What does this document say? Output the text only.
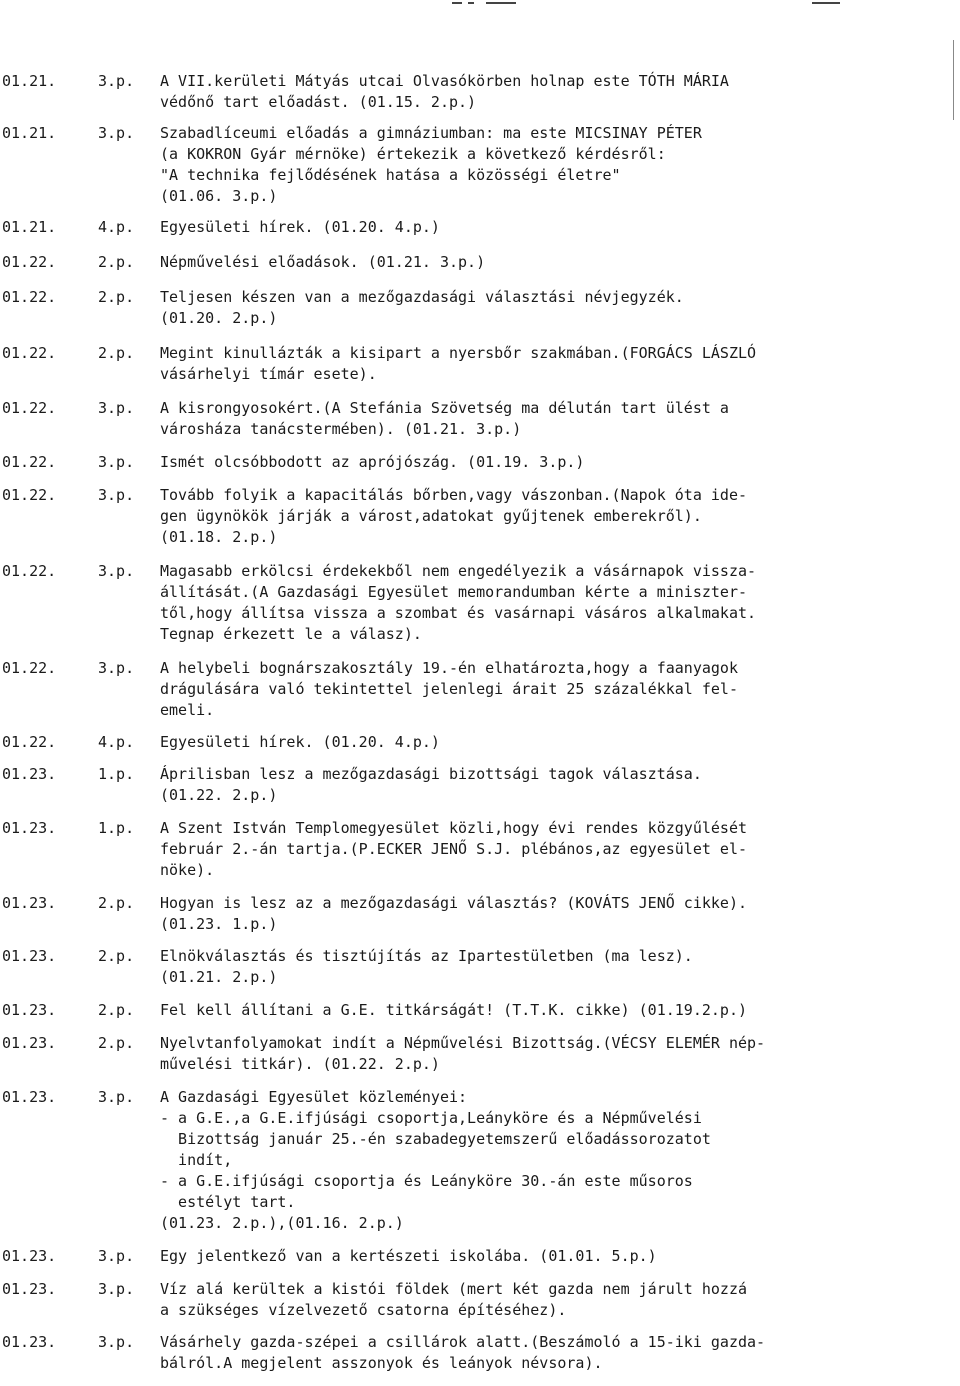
01.21.	3.p. A VII.kerületi Mátyás utcai Olvasókörben holnap este TÓTH MÁRIA
védőnő tart előadást. (01.15. 2.p.)
01.21.	3.p. Szabadlíceumi előadás a gimnáziumban: ma este MICSINAY PÉTER
(a KOKRON Gyár mérnöke) értekezik a következő kérdésről:
"A technika fejlődésének hatása a közösségi életre"
(01.06. 3.p.)
01.21.	4.p. Egyesületi hírek. (01.20. 4.p.)
01.22.	2.p. Népművelési előadások. (01.21. 3.p.)
01.22.	2.p. Teljesen készen van a mezőgazdasági választási névjegyzék.
(01.20. 2.p.)
01.22.	2.p. Megint kinullázták a kisipart a nyersbőr szakmában.(FORGÁCS LÁSZLÓ
vásárhelyi tímár esete).
01.22.	3.p. A kisrongyosokért.(A Stefánia Szövetség ma délután tart ülést a
városháza tanácstermében). (01.21. 3.p.)
01.22.	3.p. Ismét olcsóbbodott az aprójószág. (01.19. 3.p.)
01.22.	3.p. Tovább folyik a kapacitálás bőrben,vagy vászonban.(Napok óta ide-
gen ügynökök járják a várost,adatokat gyűjtenek emberekről).
(01.18. 2.p.)
01.22.	3.p. Magasabb erkölcsi érdekekből nem engedélyezik a vásárnapok vissza-
állítását.(A Gazdasági Egyesület memorandumban kérte a miniszter-
től,hogy állítsa vissza a szombat és vasárnapi vásáros alkalmakat.
Tegnap érkezett le a válasz).
01.22.	3.p. A helybeli bognárszakosztály 19.-én elhatározta,hogy a faanyagok
drágulására való tekintettel jelenlegi árait 25 százalékkal fel-
emeli.
01.22.	4.p. Egyesületi hírek. (01.20. 4.p.)
01.23.	1.p. Áprilisban lesz a mezőgazdasági bizottsági tagok választása.
(01.22. 2.p.)
01.23.	1.p. A Szent István Templomegyesület közli,hogy évi rendes közgyűlését
február 2.-án tartja.(P.ECKER JENŐ S.J. plébános,az egyesület el-
nöke).
01.23.	2.p. Hogyan is lesz az a mezőgazdasági választás? (KOVÁTS JENŐ cikke).
(01.23. 1.p.)
01.23.	2.p. Elnökválasztás és tisztújítás az Ipartestületben (ma lesz).
(01.21. 2.p.)
01.23.	2.p. Fel kell állítani a G.E. titkárságát! (T.T.K. cikke) (01.19.2.p.)
01.23.	2.p. Nyelvtanfolyamokat indít a Népművelési Bizottság.(VÉCSY ELEMÉR nép-
művelési titkár). (01.22. 2.p.)
01.23.	3.p. A Gazdasági Egyesület közleményei:
- a G.E.,a G.E.ifjúsági csoportja,Leányköre és a Népművelési
Bizottság január 25.-én szabadegyetemszerű előadássorozatot
indít,
- a G.E.ifjúsági csoportja és Leányköre 30.-án este műsoros
estélyt tart.
(01.23. 2.p.),(01.16. 2.p.)
01.23.	3.p. Egy jelentkező van a kertészeti iskolába. (01.01. 5.p.)
01.23.	3.p. Víz alá kerültek a kistói földek (mert két gazda nem járult hozzá
a szükséges vízelvezető csatorna építéséhez).
01.23.	3.p. Vásárhely gazda-szépei a csillárok alatt.(Beszámoló a 15-iki gazda-
bálról.A megjelent asszonyok és leányok névsora).
